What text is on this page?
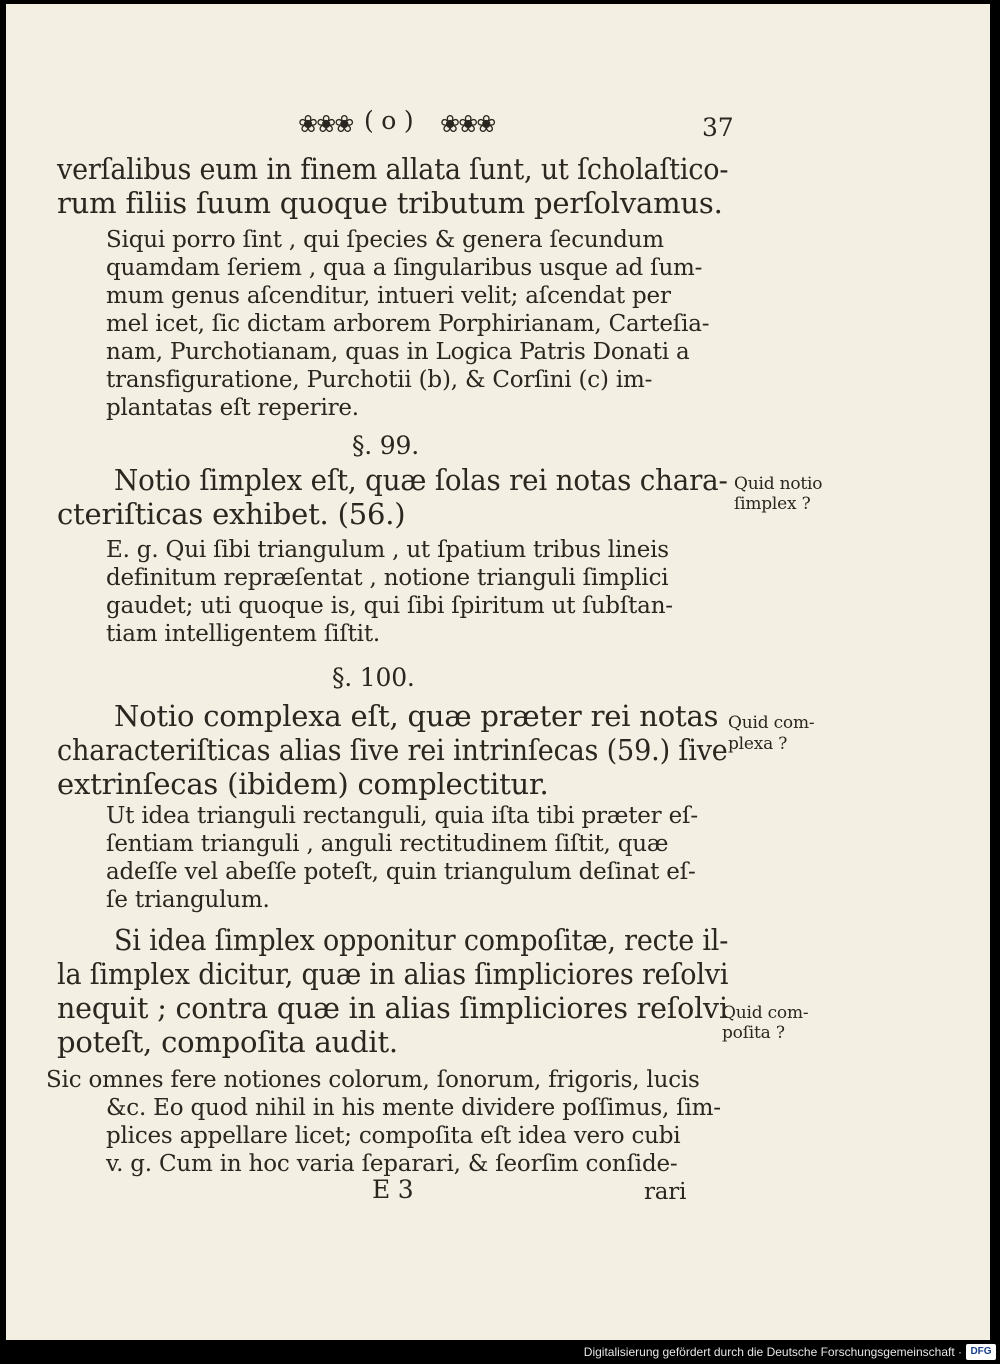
❀❀❀ ( o ) ❀❀❀	37
verſalibus eum in finem allata ſunt, ut ſcholaſtico-
rum filiis ſuum quoque tributum perſolvamus.
Siqui porro ſint , qui ſpecies & genera ſecundum
quamdam ſeriem , qua a ſingularibus usque ad ſum-
mum genus aſcenditur, intueri velit; aſcendat per
mel icet, ſic dictam arborem Porphirianam, Carteſia-
nam, Purchotianam, quas in Logica Patris Donati a
transfiguratione, Purchotii (b), & Corſini (c) im-
plantatas eſt reperire.
§. 99.
Notio ſimplex eſt, quæ ſolas rei notas chara-
cteriſticas exhibet. (56.)
E. g. Qui ſibi triangulum , ut ſpatium tribus lineis
definitum repræſentat , notione trianguli ſimplici
gaudet; uti quoque is, qui ſibi ſpiritum ut ſubſtan-
tiam intelligentem ſiſtit.
§. 100.
Notio complexa eſt, quæ præter rei notas
characteriſticas alias ſive rei intrinſecas (59.) ſive
extrinſecas (ibidem) complectitur.
Ut idea trianguli rectanguli, quia iſta tibi præter eſ-
ſentiam trianguli , anguli rectitudinem ſiſtit, quæ
adeſſe vel abeſſe poteſt, quin triangulum deſinat eſ-
ſe triangulum.
Si idea ſimplex opponitur compoſitæ, recte il-
la ſimplex dicitur, quæ in alias ſimpliciores reſolvi
nequit ; contra quæ in alias ſimpliciores reſolvi
poteſt, compoſita audit.
Sic omnes fere notiones colorum, ſonorum, frigoris, lucis
&c. Eo quod nihil in his mente dividere poſſimus, ſim-
plices appellare licet; compoſita eſt idea vero cubi
v. g. Cum in hoc varia ſeparari, & ſeorſim conſide-
E 3	rari
Quid notio
ſimplex ?
Quid com-
plexa ?
Quid com-
poſita ?
Digitalisierung gefördert durch die Deutsche Forschungsgemeinschaft · DFG
